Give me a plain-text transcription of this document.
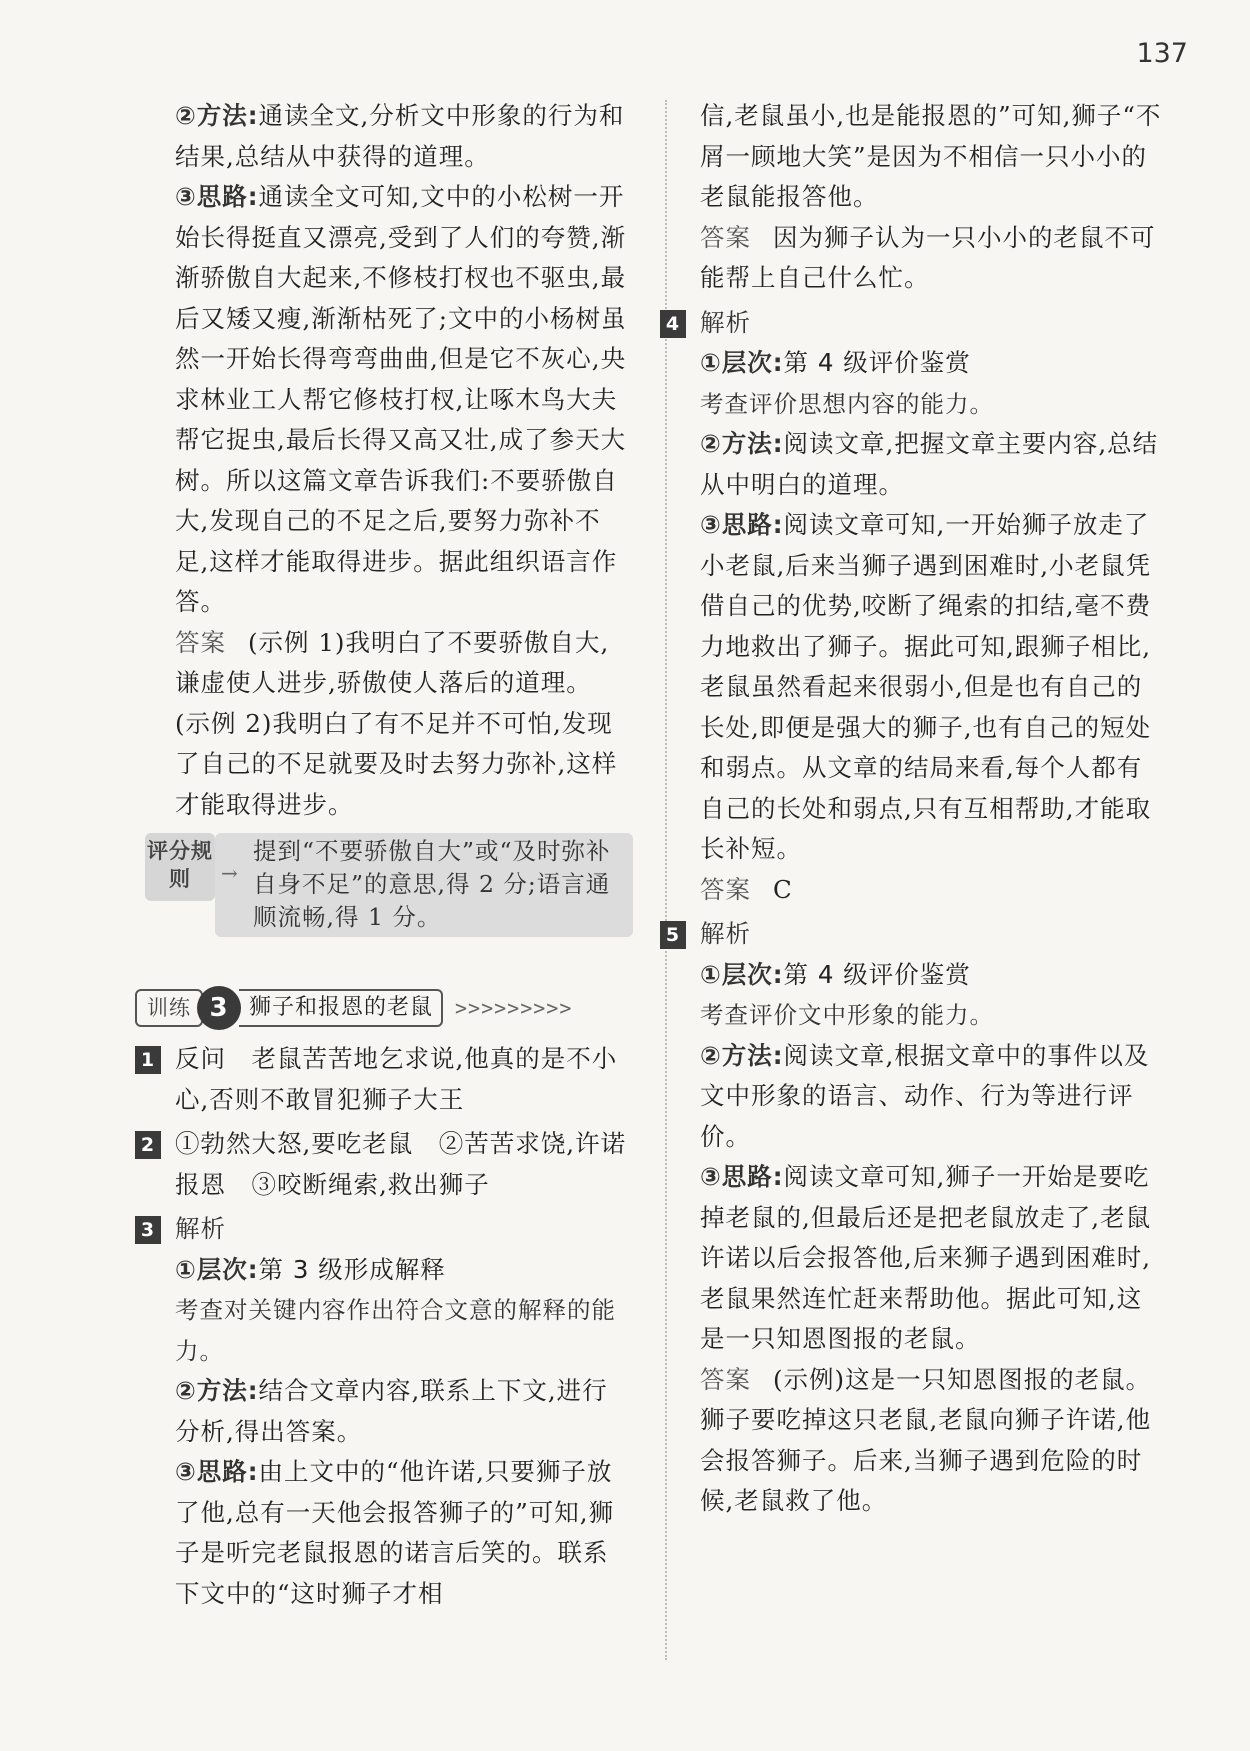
137

②方法:通读全文,分析文中形象的行为和结果,总结从中获得的道理。

③思路:通读全文可知,文中的小松树一开始长得挺直又漂亮,受到了人们的夸赞,渐渐骄傲自大起来,不修枝打杈也不驱虫,最后又矮又瘦,渐渐枯死了;文中的小杨树虽然一开始长得弯弯曲曲,但是它不灰心,央求林业工人帮它修枝打杈,让啄木鸟大夫帮它捉虫,最后长得又高又壮,成了参天大树。所以这篇文章告诉我们:不要骄傲自大,发现自己的不足之后,要努力弥补不足,这样才能取得进步。据此组织语言作答。

答案 (示例 1)我明白了不要骄傲自大,谦虚使人进步,骄傲使人落后的道理。

(示例 2)我明白了有不足并不可怕,发现了自己的不足就要及时去努力弥补,这样才能取得进步。

提到“不要骄傲自大”或“及时弥补自身不足”的意思,得 2 分;语言通顺流畅,得 1 分。
评分规则	→
训练 3 狮子和报恩的老鼠	>>>>>>>>>

1 反问　老鼠苦苦地乞求说,他真的是不小心,否则不敢冒犯狮子大王

2 ①勃然大怒,要吃老鼠　②苦苦求饶,许诺报恩　③咬断绳索,救出狮子

3 解析

①层次:第 3 级形成解释

考查对关键内容作出符合文意的解释的能力。

②方法:结合文章内容,联系上下文,进行分析,得出答案。

③思路:由上文中的“他许诺,只要狮子放了他,总有一天他会报答狮子的”可知,狮子是听完老鼠报恩的诺言后笑的。联系下文中的“这时狮子才相

信,老鼠虽小,也是能报恩的”可知,狮子“不屑一顾地大笑”是因为不相信一只小小的老鼠能报答他。

答案 因为狮子认为一只小小的老鼠不可能帮上自己什么忙。

4 解析

①层次:第 4 级评价鉴赏

考查评价思想内容的能力。

②方法:阅读文章,把握文章主要内容,总结从中明白的道理。

③思路:阅读文章可知,一开始狮子放走了小老鼠,后来当狮子遇到困难时,小老鼠凭借自己的优势,咬断了绳索的扣结,毫不费力地救出了狮子。据此可知,跟狮子相比,老鼠虽然看起来很弱小,但是也有自己的长处,即便是强大的狮子,也有自己的短处和弱点。从文章的结局来看,每个人都有自己的长处和弱点,只有互相帮助,才能取长补短。

答案 C

5 解析

①层次:第 4 级评价鉴赏

考查评价文中形象的能力。

②方法:阅读文章,根据文章中的事件以及文中形象的语言、动作、行为等进行评价。

③思路:阅读文章可知,狮子一开始是要吃掉老鼠的,但最后还是把老鼠放走了,老鼠许诺以后会报答他,后来狮子遇到困难时,老鼠果然连忙赶来帮助他。据此可知,这是一只知恩图报的老鼠。

答案 (示例)这是一只知恩图报的老鼠。狮子要吃掉这只老鼠,老鼠向狮子许诺,他会报答狮子。后来,当狮子遇到危险的时候,老鼠救了他。
